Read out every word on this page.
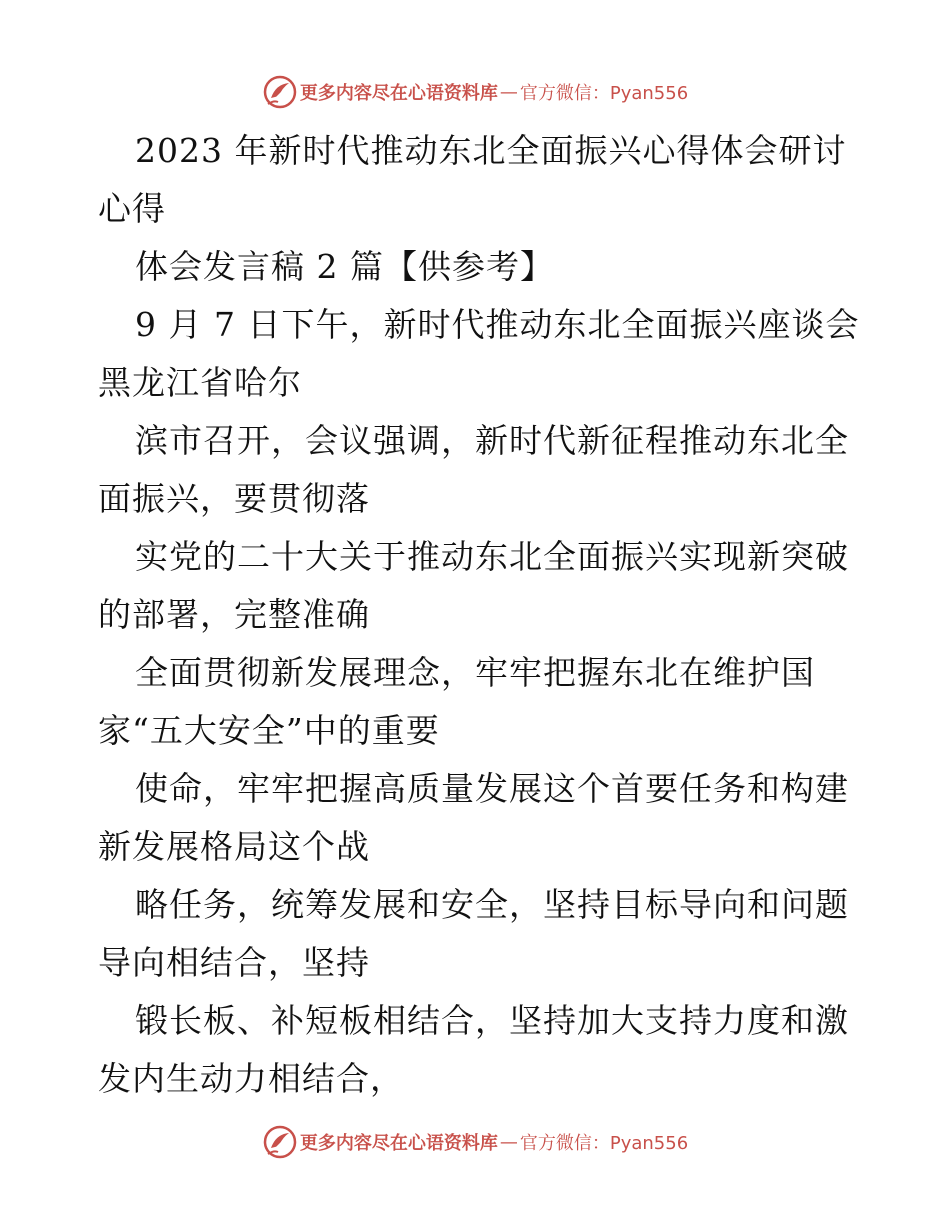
更多内容尽在心语资料库 — 官方微信：Pyan556
2023 年新时代推动东北全面振兴心得体会研讨
心得
体会发言稿 2 篇【供参考】
9 月 7 日下午，新时代推动东北全面振兴座谈会
黑龙江省哈尔
滨市召开，会议强调，新时代新征程推动东北全
面振兴，要贯彻落
实党的二十大关于推动东北全面振兴实现新突破
的部署，完整准确
全面贯彻新发展理念，牢牢把握东北在维护国
家“五大安全”中的重要
使命，牢牢把握高质量发展这个首要任务和构建
新发展格局这个战
略任务，统筹发展和安全，坚持目标导向和问题
导向相结合，坚持
锻长板、补短板相结合，坚持加大支持力度和激
发内生动力相结合，
更多内容尽在心语资料库 — 官方微信：Pyan556
